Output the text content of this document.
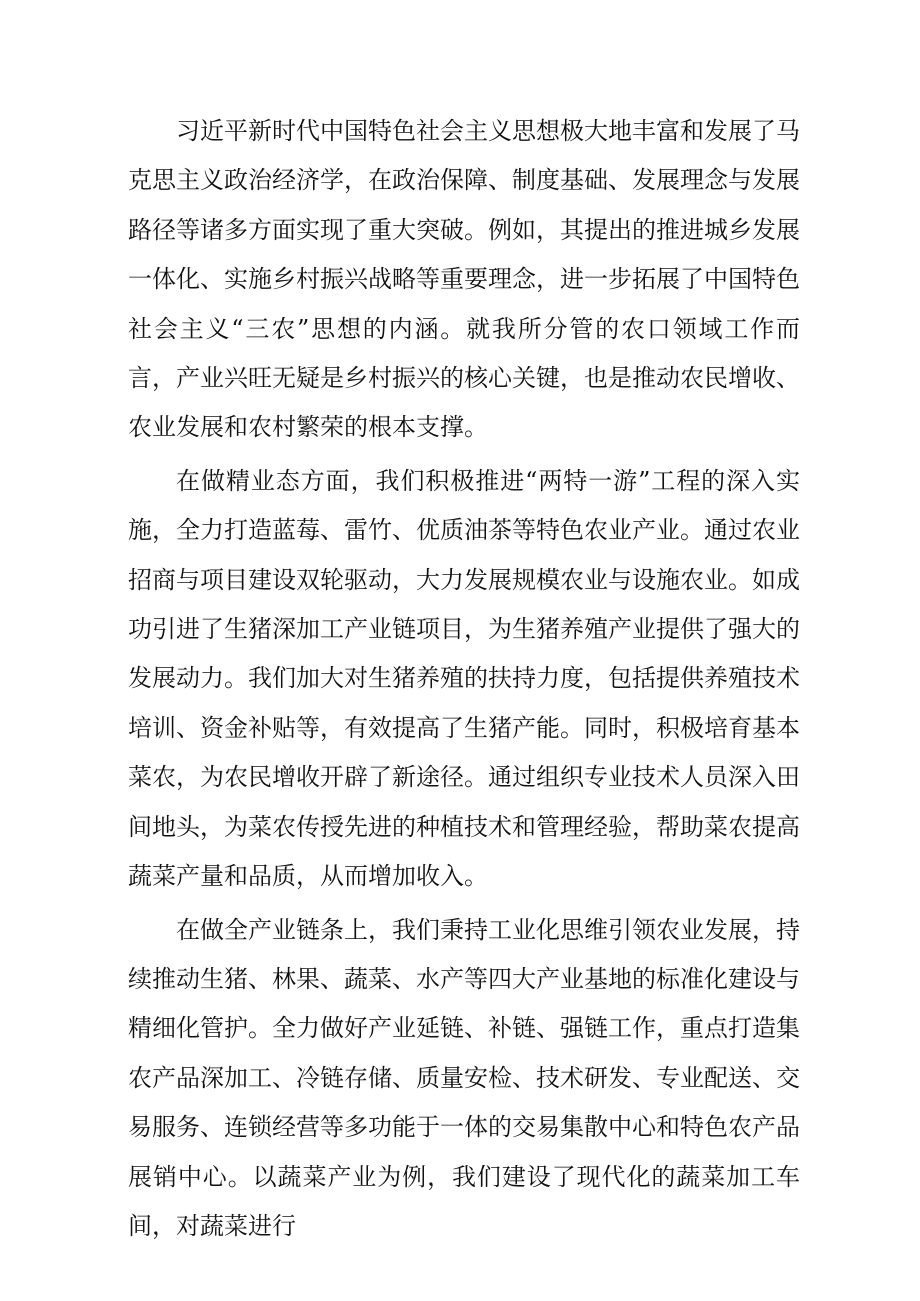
习近平新时代中国特色社会主义思想极大地丰富和发展了马克思主义政治经济学，在政治保障、制度基础、发展理念与发展路径等诸多方面实现了重大突破。例如，其提出的推进城乡发展一体化、实施乡村振兴战略等重要理念，进一步拓展了中国特色社会主义“三农”思想的内涵。就我所分管的农口领域工作而言，产业兴旺无疑是乡村振兴的核心关键，也是推动农民增收、农业发展和农村繁荣的根本支撑。

在做精业态方面，我们积极推进“两特一游”工程的深入实施，全力打造蓝莓、雷竹、优质油茶等特色农业产业。通过农业招商与项目建设双轮驱动，大力发展规模农业与设施农业。如成功引进了生猪深加工产业链项目，为生猪养殖产业提供了强大的发展动力。我们加大对生猪养殖的扶持力度，包括提供养殖技术培训、资金补贴等，有效提高了生猪产能。同时，积极培育基本菜农，为农民增收开辟了新途径。通过组织专业技术人员深入田间地头，为菜农传授先进的种植技术和管理经验，帮助菜农提高蔬菜产量和品质，从而增加收入。

在做全产业链条上，我们秉持工业化思维引领农业发展，持续推动生猪、林果、蔬菜、水产等四大产业基地的标准化建设与精细化管护。全力做好产业延链、补链、强链工作，重点打造集农产品深加工、冷链存储、质量安检、技术研发、专业配送、交易服务、连锁经营等多功能于一体的交易集散中心和特色农产品展销中心。以蔬菜产业为例，我们建设了现代化的蔬菜加工车间，对蔬菜进行
